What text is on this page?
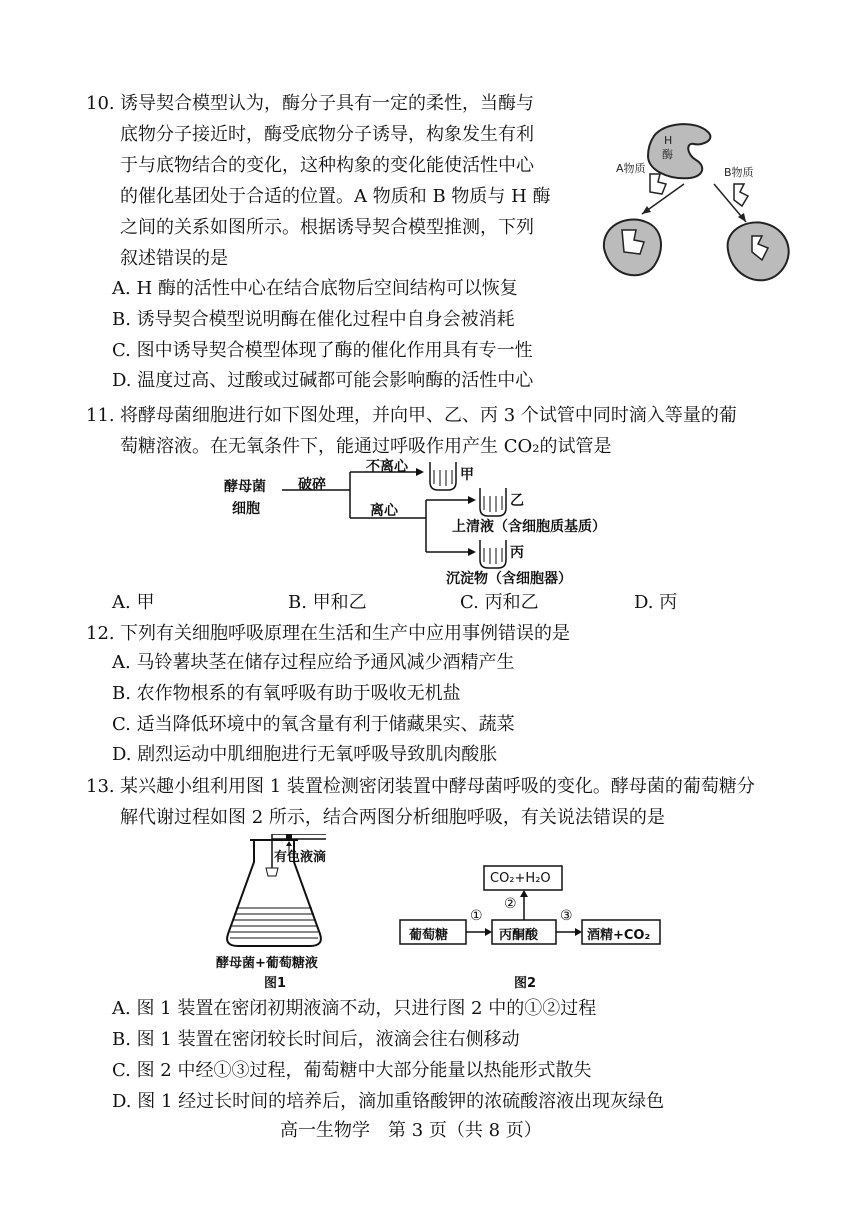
10. 诱导契合模型认为，酶分子具有一定的柔性，当酶与
底物分子接近时，酶受底物分子诱导，构象发生有利
于与底物结合的变化，这种构象的变化能使活性中心
的催化基团处于合适的位置。A 物质和 B 物质与 H 酶
之间的关系如图所示。根据诱导契合模型推测，下列
叙述错误的是
A. H 酶的活性中心在结合底物后空间结构可以恢复
B. 诱导契合模型说明酶在催化过程中自身会被消耗
C. 图中诱导契合模型体现了酶的催化作用具有专一性
D. 温度过高、过酸或过碱都可能会影响酶的活性中心
H
酶
A物质	B物质
11. 将酵母菌细胞进行如下图处理，并向甲、乙、丙 3 个试管中同时滴入等量的葡
萄糖溶液。在无氧条件下，能通过呼吸作用产生 CO₂的试管是
酵母菌
细胞
破碎
不离心
离心
甲
乙
丙
上清液（含细胞质基质）
沉淀物（含细胞器）
A. 甲	B. 甲和乙	C. 丙和乙	D. 丙
12. 下列有关细胞呼吸原理在生活和生产中应用事例错误的是
A. 马铃薯块茎在储存过程应给予通风减少酒精产生
B. 农作物根系的有氧呼吸有助于吸收无机盐
C. 适当降低环境中的氧含量有利于储藏果实、蔬菜
D. 剧烈运动中肌细胞进行无氧呼吸导致肌肉酸胀
13. 某兴趣小组利用图 1 装置检测密闭装置中酵母菌呼吸的变化。酵母菌的葡萄糖分
解代谢过程如图 2 所示，结合两图分析细胞呼吸，有关说法错误的是
有色液滴
酵母菌+葡萄糖液
图1
CO₂+H₂O
葡萄糖	丙酮酸	酒精+CO₂
①
②
③
图2
A. 图 1 装置在密闭初期液滴不动，只进行图 2 中的①②过程
B. 图 1 装置在密闭较长时间后，液滴会往右侧移动
C. 图 2 中经①③过程，葡萄糖中大部分能量以热能形式散失
D. 图 1 经过长时间的培养后，滴加重铬酸钾的浓硫酸溶液出现灰绿色
高一生物学　第 3 页（共 8 页）
